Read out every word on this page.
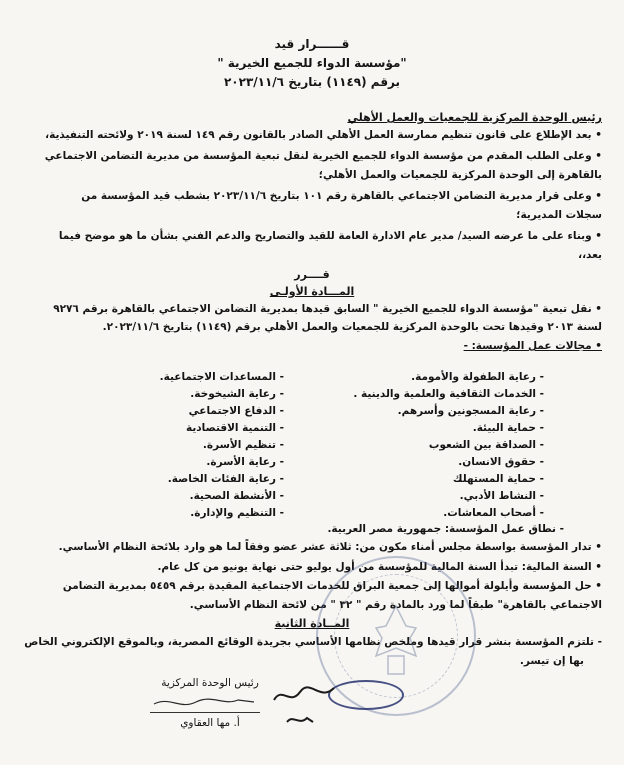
قــــــرار قيد
"مؤسسة الدواء للجميع الخيرية "
برقم (١١٤٩) بتاريخ ٢٠٢٣/١١/٦
رئيس الوحدة المركزية للجمعيات والعمل الأهلي
• بعد الإطلاع على قانون تنظيم ممارسة العمل الأهلي الصادر بالقانون رقم ١٤٩ لسنة ٢٠١٩ ولائحته التنفيذية،
• وعلى الطلب المقدم من مؤسسة الدواء للجميع الخيرية لنقل تبعية المؤسسة من مديرية التضامن الاجتماعي
بالقاهرة إلى الوحدة المركزية للجمعيات والعمل الأهلي؛
• وعلى قرار مديرية التضامن الاجتماعي بالقاهرة رقم ١٠١ بتاريخ ٢٠٢٣/١١/٦ بشطب قيد المؤسسة من
سجلات المديرية؛
• وبناء على ما عرضه السيد/ مدير عام الادارة العامة للقيد والتصاريح والدعم الفني بشأن ما هو موضح فيما
بعد،،
قــــرر
المـــادة الأولـى
• نقل تبعية "مؤسسة الدواء للجميع الخيرية " السابق قيدها بمديرية التضامن الاجتماعي بالقاهرة برقم ٩٢٧٦
لسنة ٢٠١٣ وقيدها تحت بالوحدة المركزية للجمعيات والعمل الأهلي برقم (١١٤٩) بتاريخ ٢٠٢٣/١١/٦.
• مجالات عمل المؤسسة: -
- رعاية الطفولة والأمومة.
- الخدمات الثقافية والعلمية والدينية .
- رعاية المسجونين وأسرهم.
- حماية البيئة.
- الصداقة بين الشعوب
- حقوق الانسان.
- حماية المستهلك
- النشاط الأدبي.
- أصحاب المعاشات.
- المساعدات الاجتماعية.
- رعاية الشيخوخة.
- الدفاع الاجتماعي
- التنمية الاقتصادية
- تنظيم الأسرة.
- رعاية الأسرة.
- رعاية الفئات الخاصة.
- الأنشطة الصحية.
- التنظيم والإدارة.
- نطاق عمل المؤسسة: جمهورية مصر العربية.
• تدار المؤسسة بواسطة مجلس أمناء مكون من: ثلاثة عشر عضو وفقاً لما هو وارد بلائحة النظام الأساسي.
• السنة المالية: تبدأ السنة المالية للمؤسسة من أول يوليو حتى نهاية يونيو من كل عام.
• حل المؤسسة وأيلولة أموالها إلى جمعية البراق للخدمات الاجتماعية المقيدة برقم ٥٤٥٩ بمديرية التضامن
الاجتماعي بالقاهرة" طبقاً لما ورد بالمادة رقم " ٣٢ " من لائحة النظام الأساسي.
المــادة الثانية
- تلتزم المؤسسة بنشر قرار قيدها وملخص نظامها الأساسي بجريدة الوقائع المصرية، وبالموقع الإلكتروني الخاص
بها إن تيسر.
رئيس الوحدة المركزية
أ. مها العقاوي
